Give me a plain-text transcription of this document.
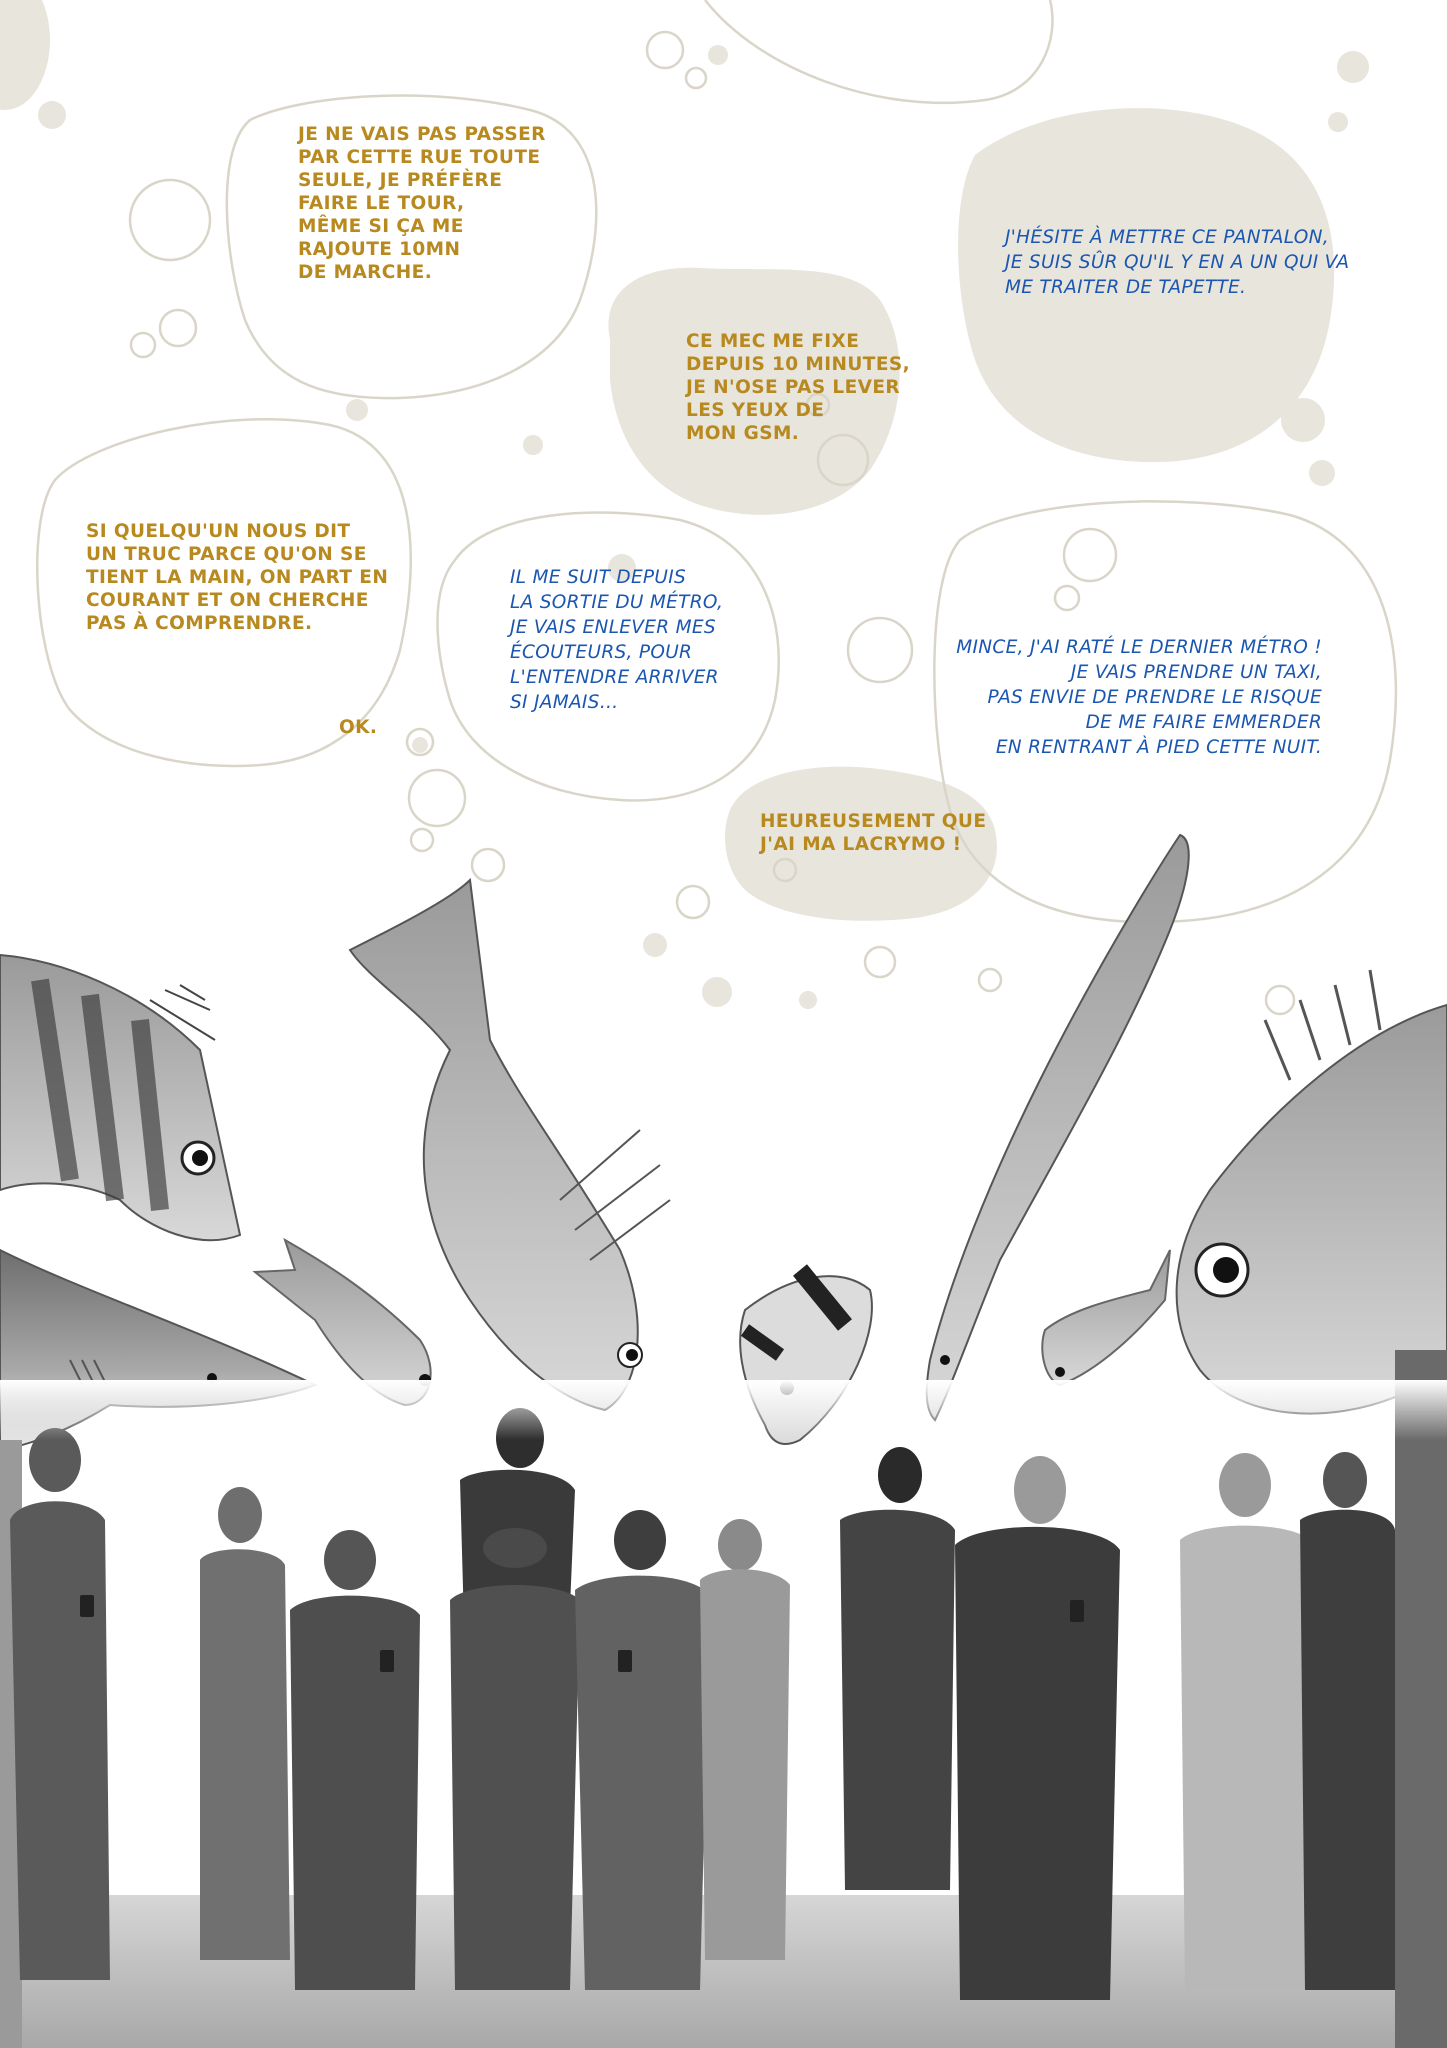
JE NE VAIS PAS PASSER
PAR CETTE RUE TOUTE
SEULE, JE PRÉFÈRE
FAIRE LE TOUR,
MÊME SI ÇA ME
RAJOUTE 10MN
DE MARCHE.

CE MEC ME FIXE
DEPUIS 10 MINUTES,
JE N'OSE PAS LEVER
LES YEUX DE
MON GSM.

J'HÉSITE À METTRE CE PANTALON,
JE SUIS SÛR QU'IL Y EN A UN QUI VA
ME TRAITER DE TAPETTE.

SI QUELQU'UN NOUS DIT
UN TRUC PARCE QU'ON SE
TIENT LA MAIN, ON PART EN
COURANT ET ON CHERCHE
PAS À COMPRENDRE.

OK.

IL ME SUIT DEPUIS
LA SORTIE DU MÉTRO,
JE VAIS ENLEVER MES
ÉCOUTEURS, POUR
L'ENTENDRE ARRIVER
SI JAMAIS…

MINCE, J'AI RATÉ LE DERNIER MÉTRO !
JE VAIS PRENDRE UN TAXI,
PAS ENVIE DE PRENDRE LE RISQUE
DE ME FAIRE EMMERDER
EN RENTRANT À PIED CETTE NUIT.

HEUREUSEMENT QUE
J'AI MA LACRYMO !
